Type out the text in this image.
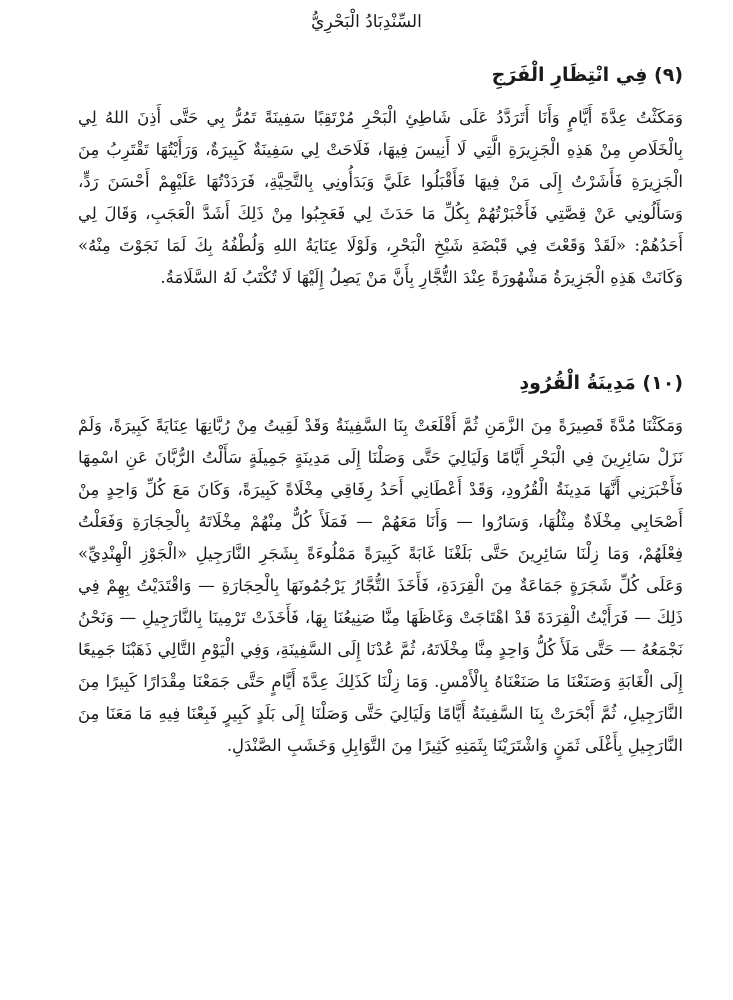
السِّنْدِبَادُ الْبَحْرِيُّ
(٩) فِي انْتِظَارِ الْفَرَجِ

وَمَكَثْتُ عِدَّةَ أَيَّامٍ وَأَنَا أَتَرَدَّدُ عَلَى شَاطِئِ الْبَحْرِ مُرْتَقِبًا سَفِينَةً تَمُرُّ بِي حَتَّى أَذِنَ اللهُ لِي بِالْخَلَاصِ مِنْ هَذِهِ الْجَزِيرَةِ الَّتِي لَا أَنِيسَ فِيهَا، فَلَاحَتْ لِي سَفِينَةٌ كَبِيرَةٌ، وَرَأَيْتُهَا تَقْتَرِبُ مِنَ الْجَزِيرَةِ فَأَشَرْتُ إِلَى مَنْ فِيهَا فَأَقْبَلُوا عَلَيَّ وَبَدَأُونِي بِالتَّحِيَّةِ، فَرَدَدْتُهَا عَلَيْهِمْ أَحْسَنَ رَدٍّ، وَسَأَلُونِي عَنْ قِصَّتِي فَأَخْبَرْتُهُمْ بِكُلِّ مَا حَدَثَ لِي فَعَجِبُوا مِنْ ذَلِكَ أَشَدَّ الْعَجَبِ، وَقَالَ لِي أَحَدُهُمْ: «لَقَدْ وَقَعْتَ فِي قَبْضَةِ شَيْخِ الْبَحْرِ، وَلَوْلَا عِنَايَةُ اللهِ وَلُطْفُهُ بِكَ لَمَا نَجَوْتَ مِنْهُ» وَكَانَتْ هَذِهِ الْجَزِيرَةُ مَشْهُورَةً عِنْدَ التُّجَّارِ بِأَنَّ مَنْ يَصِلُ إِلَيْهَا لَا تُكْتَبُ لَهُ السَّلَامَةُ.

(١٠) مَدِينَةُ الْقُرُودِ

وَمَكَثْنَا مُدَّةً قَصِيرَةً مِنَ الزَّمَنِ ثُمَّ أَقْلَعَتْ بِنَا السَّفِينَةُ وَقَدْ لَقِيتُ مِنْ رُبَّانِهَا عِنَايَةً كَبِيرَةً، وَلَمْ نَزَلْ سَائِرِينَ فِي الْبَحْرِ أَيَّامًا وَلَيَالِيَ حَتَّى وَصَلْنَا إِلَى مَدِينَةٍ جَمِيلَةٍ سَأَلْتُ الرُّبَّانَ عَنِ اسْمِهَا فَأَخْبَرَنِي أَنَّهَا مَدِينَةُ الْقُرُودِ، وَقَدْ أَعْطَانِي أَحَدُ رِفَاقِي مِخْلَاةً كَبِيرَةً، وَكَانَ مَعَ كُلِّ وَاحِدٍ مِنْ أَصْحَابِي مِخْلَاةٌ مِثْلُهَا، وَسَارُوا — وَأَنَا مَعَهُمْ — فَمَلَأَ كُلٌّ مِنْهُمْ مِخْلَاتَهُ بِالْحِجَارَةِ وَفَعَلْتُ فِعْلَهُمْ، وَمَا زِلْنَا سَائِرِينَ حَتَّى بَلَغْنَا غَابَةً كَبِيرَةً مَمْلُوءَةً بِشَجَرِ النَّارَجِيلِ «الْجَوْزِ الْهِنْدِيِّ» وَعَلَى كُلِّ شَجَرَةٍ جَمَاعَةٌ مِنَ الْقِرَدَةِ، فَأَخَذَ التُّجَّارُ يَرْجُمُونَهَا بِالْحِجَارَةِ — وَاقْتَدَيْتُ بِهِمْ فِي ذَلِكَ — فَرَأَيْتُ الْقِرَدَةَ قَدْ اهْتَاجَتْ وَغَاظَهَا مِنَّا صَنِيعُنَا بِهَا، فَأَخَذَتْ تَرْمِينَا بِالنَّارَجِيلِ — وَنَحْنُ نَجْمَعُهُ — حَتَّى مَلَأَ كُلُّ وَاحِدٍ مِنَّا مِخْلَاتَهُ، ثُمَّ عُدْنَا إِلَى السَّفِينَةِ، وَفِي الْيَوْمِ التَّالِي ذَهَبْنَا جَمِيعًا إِلَى الْغَابَةِ وَصَنَعْنَا مَا صَنَعْنَاهُ بِالْأَمْسِ. وَمَا زِلْنَا كَذَلِكَ عِدَّةَ أَيَّامٍ حَتَّى جَمَعْنَا مِقْدَارًا كَبِيرًا مِنَ النَّارَجِيلِ، ثُمَّ أَبْحَرَتْ بِنَا السَّفِينَةُ أَيَّامًا وَلَيَالِيَ حَتَّى وَصَلْنَا إِلَى بَلَدٍ كَبِيرٍ فَبِعْنَا فِيهِ مَا مَعَنَا مِنَ النَّارَجِيلِ بِأَغْلَى ثَمَنٍ وَاشْتَرَيْنَا بِثَمَنِهِ كَثِيرًا مِنَ التَّوَابِلِ وَخَشَبِ الصَّنْدَلِ.
